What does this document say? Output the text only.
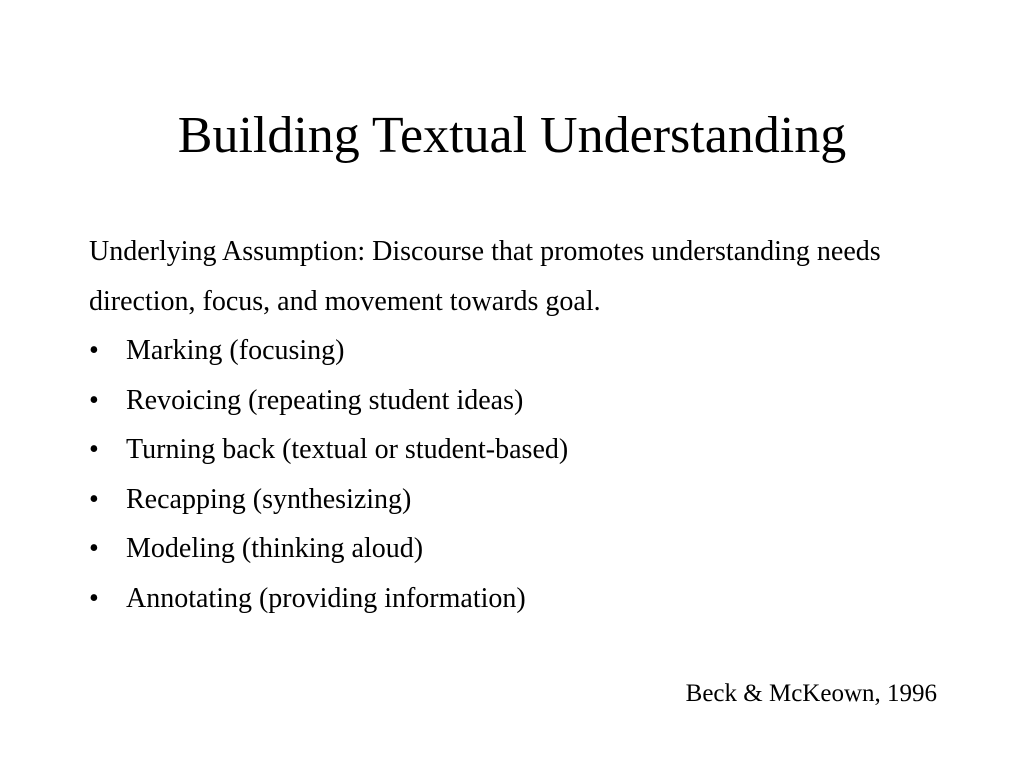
Building Textual Understanding

Underlying Assumption: Discourse that promotes understanding needs direction, focus, and movement towards goal.

• Marking (focusing)
• Revoicing (repeating student ideas)
• Turning back (textual or student-based)
• Recapping (synthesizing)
• Modeling (thinking aloud)
• Annotating (providing information)
Beck & McKeown, 1996
